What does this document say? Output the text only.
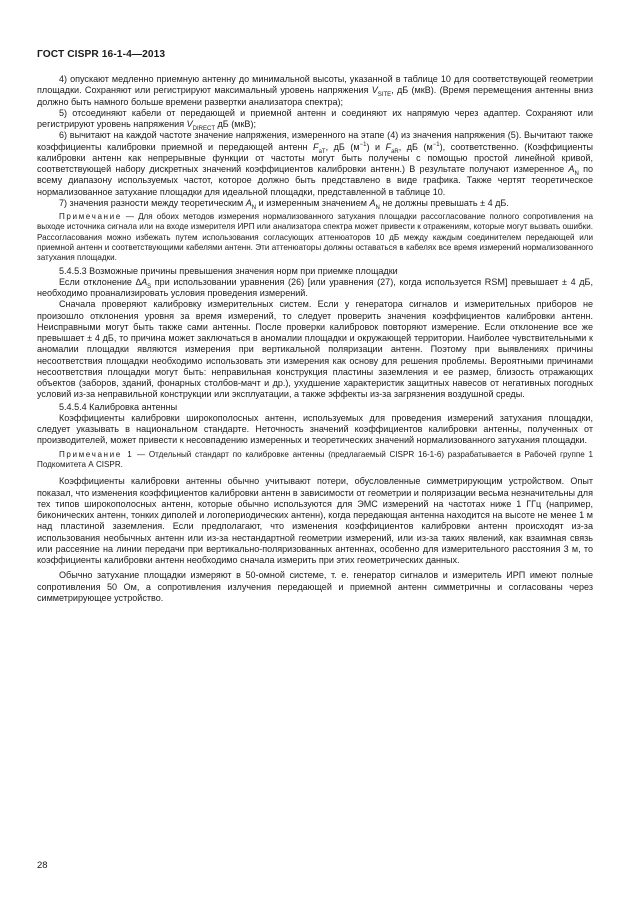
ГОСТ CISPR 16-1-4—2013

4) опускают медленно приемную антенну до минимальной высоты, указанной в таблице 10 для соответствующей геометрии площадки. Сохраняют или регистрируют максимальный уровень напряжения $V_{SITE}$, дБ (мкВ). (Время перемещения антенны вниз должно быть намного больше времени развертки анализатора спектра);

5) отсоединяют кабели от передающей и приемной антенн и соединяют их напрямую через адаптер. Сохраняют или регистрируют уровень напряжения $V_{DIRECT}$ дБ (мкВ);

6) вычитают на каждой частоте значение напряжения, измеренного на этапе (4) из значения напряжения (5). Вычитают также коэффициенты калибровки приемной и передающей антенн $F_{aT}$, дБ $(м^{-1})$ и $F_{aR}$, дБ $(м^{-1})$, соответственно. (Коэффициенты калибровки антенн как непрерывные функции от частоты могут быть получены с помощью простой линейной кривой, соответствующей набору дискретных значений коэффициентов калибровки антенн.) В результате получают измеренное $A_N$ по всему диапазону используемых частот, которое должно быть представлено в виде графика. Также чертят теоретическое нормализованное затухание площадки для идеальной площадки, представленной в таблице 10.

7) значения разности между теоретическим $A_N$ и измеренным значением $A_N$ не должны превышать ± 4 дБ.

Примечание — Для обоих методов измерения нормализованного затухания площадки рассогласование полного сопротивления на выходе источника сигнала или на входе измерителя ИРП или анализатора спектра может привести к отражениям, которые могут вызвать ошибки. Рассогласования можно избежать путем использования согласующих аттенюаторов 10 дБ между каждым соединителем передающей или приемной антенн и соответствующими кабелями антенн. Эти аттенюаторы должны оставаться в кабелях все время измерений нормализованного затухания площадки.

5.4.5.3 Возможные причины превышения значения норм при приемке площадки

Если отклонение $\Delta A_S$ при использовании уравнения (26) [или уравнения (27), когда используется RSM] превышает ± 4 дБ, необходимо проанализировать условия проведения измерений.

Сначала проверяют калибровку измерительных систем. Если у генератора сигналов и измерительных приборов не произошло отклонения уровня за время измерений, то следует проверить значения коэффициентов калибровки антенн. Неисправными могут быть также сами антенны. После проверки калибровок повторяют измерение. Если отклонение все же превышает ± 4 дБ, то причина может заключаться в аномалии площадки и окружающей территории. Наиболее чувствительными к аномалии площадки являются измерения при вертикальной поляризации антенн. Поэтому при выявлениях причины несоответствия площадки необходимо использовать эти измерения как основу для решения проблемы. Вероятными причинами несоответствия площадки могут быть: неправильная конструкция пластины заземления и ее размер, близость отражающих объектов (заборов, зданий, фонарных столбов-мачт и др.), ухудшение характеристик защитных навесов от негативных погодных условий из-за неправильной конструкции или эксплуатации, а также эффекты из-за загрязнения воздушной среды.

5.4.5.4 Калибровка антенны

Коэффициенты калибровки широкополосных антенн, используемых для проведения измерений затухания площадки, следует указывать в национальном стандарте. Неточность значений коэффициентов калибровки антенны, полученных от производителей, может привести к несовпадению измеренных и теоретических значений нормализованного затухания площадки.

Примечание 1 — Отдельный стандарт по калибровке антенны (предлагаемый CISPR 16-1-6) разрабатывается в Рабочей группе 1 Подкомитета А CISPR.

Коэффициенты калибровки антенны обычно учитывают потери, обусловленные симметрирующим устройством. Опыт показал, что изменения коэффициентов калибровки антенн в зависимости от геометрии и поляризации весьма незначительны для тех типов широкополосных антенн, которые обычно используются для ЭМС измерений на частотах ниже 1 ГГц (например, биконических антенн, тонких диполей и логопериодических антенн), когда передающая антенна находится на высоте не менее 1 м над пластиной заземления. Если предполагают, что изменения коэффициентов калибровки антенн происходят из-за использования необычных антенн или из-за нестандартной геометрии измерений, или из-за таких явлений, как взаимная связь или рассеяние на линии передачи при вертикально-поляризованных антеннах, особенно для измерительного расстояния 3 м, то коэффициенты калибровки антенн необходимо сначала измерить при этих геометрических данных.

Обычно затухание площадки измеряют в 50-омной системе, т. е. генератор сигналов и измеритель ИРП имеют полные сопротивления 50 Ом, а сопротивления излучения передающей и приемной антенн симметричны и согласованы через симметрирующее устройство.

28
